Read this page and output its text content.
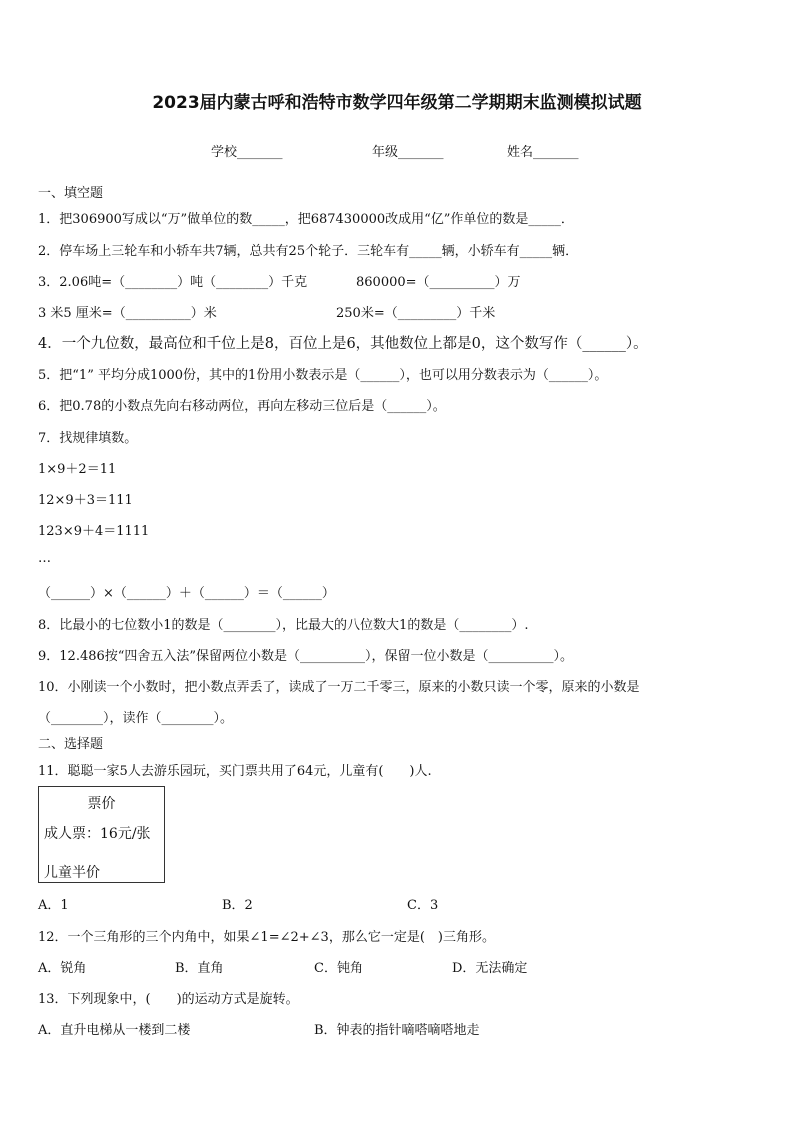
2023届内蒙古呼和浩特市数学四年级第二学期期末监测模拟试题
学校_______	年级_______	姓名_______
一、填空题
1．把306900写成以“万”做单位的数_____，把687430000改成用“亿”作单位的数是_____．
2．停车场上三轮车和小轿车共7辆，总共有25个轮子．三轮车有_____辆，小轿车有_____辆．
3．2.06吨=（________）吨（________）千克	860000=（__________）万
3 米5 厘米=（__________）米	250米=（_________）千米
4．一个九位数，最高位和千位上是8，百位上是6，其他数位上都是0，这个数写作（______）。
5．把“1” 平均分成1000份，其中的1份用小数表示是（______），也可以用分数表示为（______）。
6．把0.78的小数点先向右移动两位，再向左移动三位后是（______）。
7．找规律填数。
1×9＋2＝11
12×9＋3＝111
123×9＋4＝1111
…
（______）×（______）＋（______）＝（______）
8．比最小的七位数小1的数是（________），比最大的八位数大1的数是（________）.
9．12.486按“四舍五入法”保留两位小数是（__________），保留一位小数是（__________）。
10．小刚读一个小数时，把小数点弄丢了，读成了一万二千零三，原来的小数只读一个零，原来的小数是
（________），读作（________）。
二、选择题
11．聪聪一家5人去游乐园玩，买门票共用了64元，儿童有(　　)人.
票价
成人票：16元/张
儿童半价
A．1	B．2	C．3
12．一个三角形的三个内角中，如果∠1=∠2+∠3，那么它一定是(　)三角形。
A．锐角	B．直角	C．钝角	D．无法确定
13．下列现象中，(　　)的运动方式是旋转。
A．直升电梯从一楼到二楼	B．钟表的指针嘀嗒嘀嗒地走
